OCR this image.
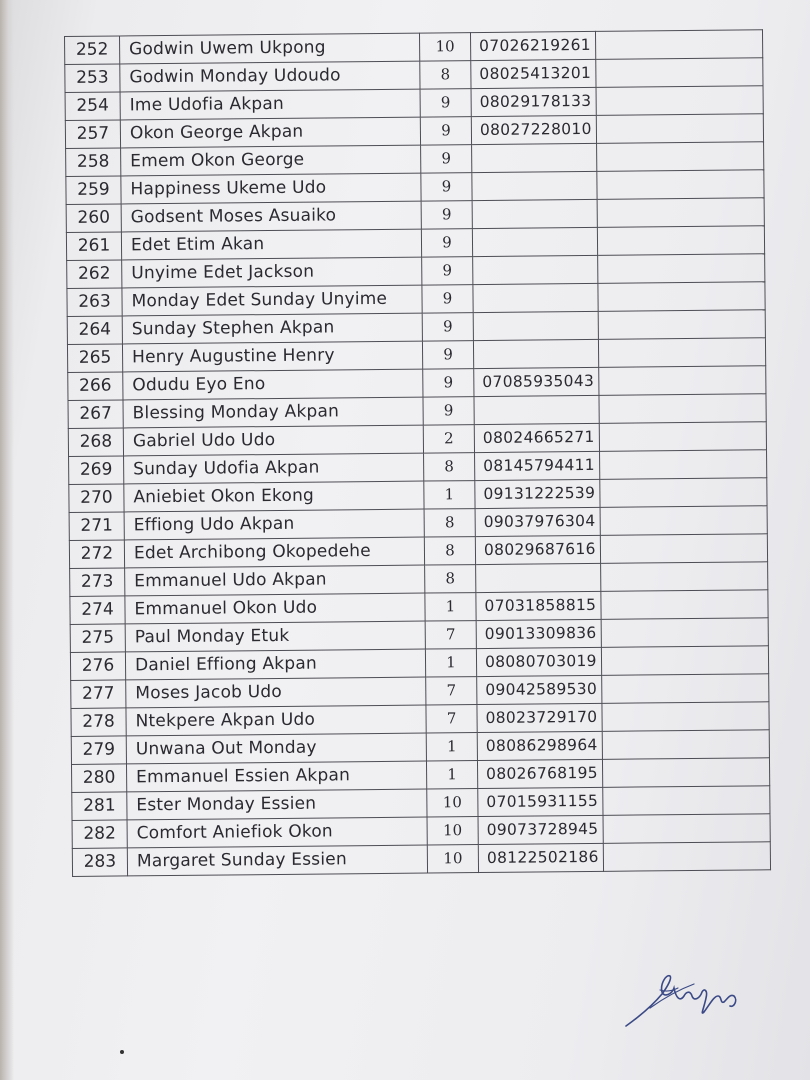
252	Godwin Uwem Ukpong	10	07026219261	
253	Godwin Monday Udoudo	8	08025413201	
254	Ime Udofia Akpan	9	08029178133	
257	Okon George Akpan	9	08027228010	
258	Emem Okon George	9		
259	Happiness Ukeme Udo	9		
260	Godsent Moses Asuaiko	9		
261	Edet Etim Akan	9		
262	Unyime Edet Jackson	9		
263	Monday Edet Sunday Unyime	9		
264	Sunday Stephen Akpan	9		
265	Henry Augustine Henry	9		
266	Odudu Eyo Eno	9	07085935043	
267	Blessing Monday Akpan	9		
268	Gabriel Udo Udo	2	08024665271	
269	Sunday Udofia Akpan	8	08145794411	
270	Aniebiet Okon Ekong	1	09131222539	
271	Effiong Udo Akpan	8	09037976304	
272	Edet Archibong Okopedehe	8	08029687616	
273	Emmanuel Udo Akpan	8		
274	Emmanuel Okon Udo	1	07031858815	
275	Paul Monday Etuk	7	09013309836	
276	Daniel Effiong Akpan	1	08080703019	
277	Moses Jacob Udo	7	09042589530	
278	Ntekpere Akpan Udo	7	08023729170	
279	Unwana Out Monday	1	08086298964	
280	Emmanuel Essien Akpan	1	08026768195	
281	Ester Monday Essien	10	07015931155	
282	Comfort Aniefiok Okon	10	09073728945	
283	Margaret Sunday Essien	10	08122502186	
